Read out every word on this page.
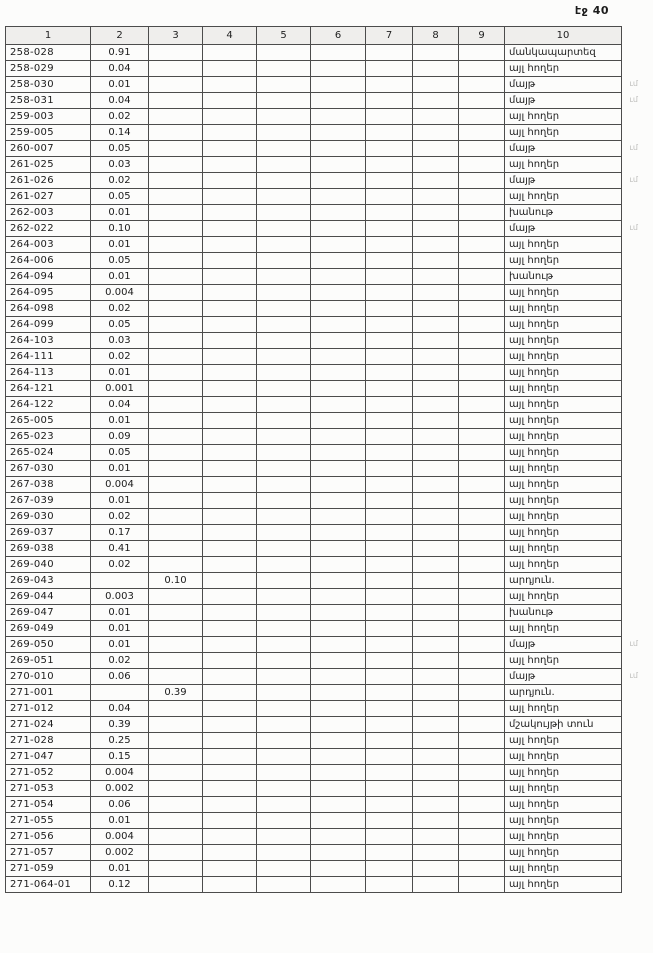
էջ 40
1	2	3	4	5	6	7	8	9	10
258-028	0.91								մանկապարտեզ
258-029	0.04								այլ հողեր
258-030	0.01								մայթ ւմ

258-031	0.04								մայթ ւմ

259-003	0.02								այլ հողեր
259-005	0.14								այլ հողեր
260-007	0.05								մայթ ւմ

261-025	0.03								այլ հողեր
261-026	0.02								մայթ ւմ

261-027	0.05								այլ հողեր
262-003	0.01								խանութ
262-022	0.10								մայթ ւմ

264-003	0.01								այլ հողեր
264-006	0.05								այլ հողեր
264-094	0.01								խանութ
264-095	0.004								այլ հողեր
264-098	0.02								այլ հողեր
264-099	0.05								այլ հողեր
264-103	0.03								այլ հողեր
264-111	0.02								այլ հողեր
264-113	0.01								այլ հողեր
264-121	0.001								այլ հողեր
264-122	0.04								այլ հողեր
265-005	0.01								այլ հողեր
265-023	0.09								այլ հողեր
265-024	0.05								այլ հողեր
267-030	0.01								այլ հողեր
267-038	0.004								այլ հողեր
267-039	0.01								այլ հողեր
269-030	0.02								այլ հողեր
269-037	0.17								այլ հողեր
269-038	0.41								այլ հողեր
269-040	0.02								այլ հողեր
269-043		0.10							արդյուն.
269-044	0.003								այլ հողեր
269-047	0.01								խանութ
269-049	0.01								այլ հողեր
269-050	0.01								մայթ ւմ

269-051	0.02								այլ հողեր
270-010	0.06								մայթ ւմ

271-001		0.39							արդյուն.
271-012	0.04								այլ հողեր
271-024	0.39								մշակույթի տուն
271-028	0.25								այլ հողեր
271-047	0.15								այլ հողեր
271-052	0.004								այլ հողեր
271-053	0.002								այլ հողեր
271-054	0.06								այլ հողեր
271-055	0.01								այլ հողեր
271-056	0.004								այլ հողեր
271-057	0.002								այլ հողեր
271-059	0.01								այլ հողեր
271-064-01	0.12								այլ հողեր
